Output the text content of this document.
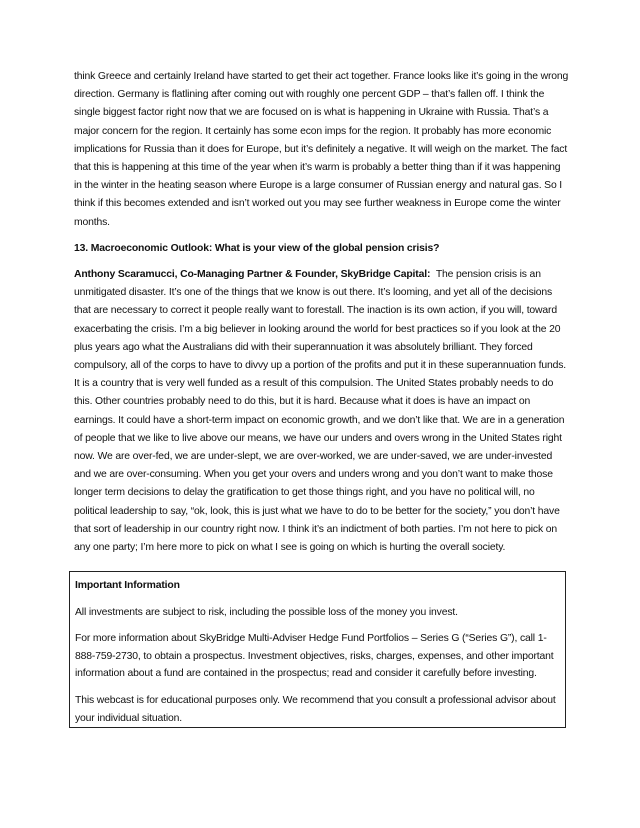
think Greece and certainly Ireland have started to get their act together. France looks like it’s going in the wrong direction. Germany is flatlining after coming out with roughly one percent GDP – that’s fallen off. I think the single biggest factor right now that we are focused on is what is happening in Ukraine with Russia. That’s a major concern for the region. It certainly has some econ imps for the region. It probably has more economic implications for Russia than it does for Europe, but it’s definitely a negative. It will weigh on the market. The fact that this is happening at this time of the year when it’s warm is probably a better thing than if it was happening in the winter in the heating season where Europe is a large consumer of Russian energy and natural gas. So I think if this becomes extended and isn’t worked out you may see further weakness in Europe come the winter months.

13. Macroeconomic Outlook: What is your view of the global pension crisis?

Anthony Scaramucci, Co-Managing Partner & Founder, SkyBridge Capital: The pension crisis is an unmitigated disaster. It’s one of the things that we know is out there. It’s looming, and yet all of the decisions that are necessary to correct it people really want to forestall. The inaction is its own action, if you will, toward exacerbating the crisis. I’m a big believer in looking around the world for best practices so if you look at the 20 plus years ago what the Australians did with their superannuation it was absolutely brilliant. They forced compulsory, all of the corps to have to divvy up a portion of the profits and put it in these superannuation funds. It is a country that is very well funded as a result of this compulsion. The United States probably needs to do this. Other countries probably need to do this, but it is hard. Because what it does is have an impact on earnings. It could have a short-term impact on economic growth, and we don’t like that. We are in a generation of people that we like to live above our means, we have our unders and overs wrong in the United States right now. We are over-fed, we are under-slept, we are over-worked, we are under-saved, we are under-invested and we are over-consuming. When you get your overs and unders wrong and you don’t want to make those longer term decisions to delay the gratification to get those things right, and you have no political will, no political leadership to say, “ok, look, this is just what we have to do to be better for the society,” you don’t have that sort of leadership in our country right now. I think it’s an indictment of both parties. I’m not here to pick on any one party; I’m here more to pick on what I see is going on which is hurting the overall society.

Important Information

All investments are subject to risk, including the possible loss of the money you invest.

For more information about SkyBridge Multi-Adviser Hedge Fund Portfolios – Series G (“Series G”), call 1-888-759-2730, to obtain a prospectus. Investment objectives, risks, charges, expenses, and other important information about a fund are contained in the prospectus; read and consider it carefully before investing.

This webcast is for educational purposes only. We recommend that you consult a professional advisor about your individual situation.
